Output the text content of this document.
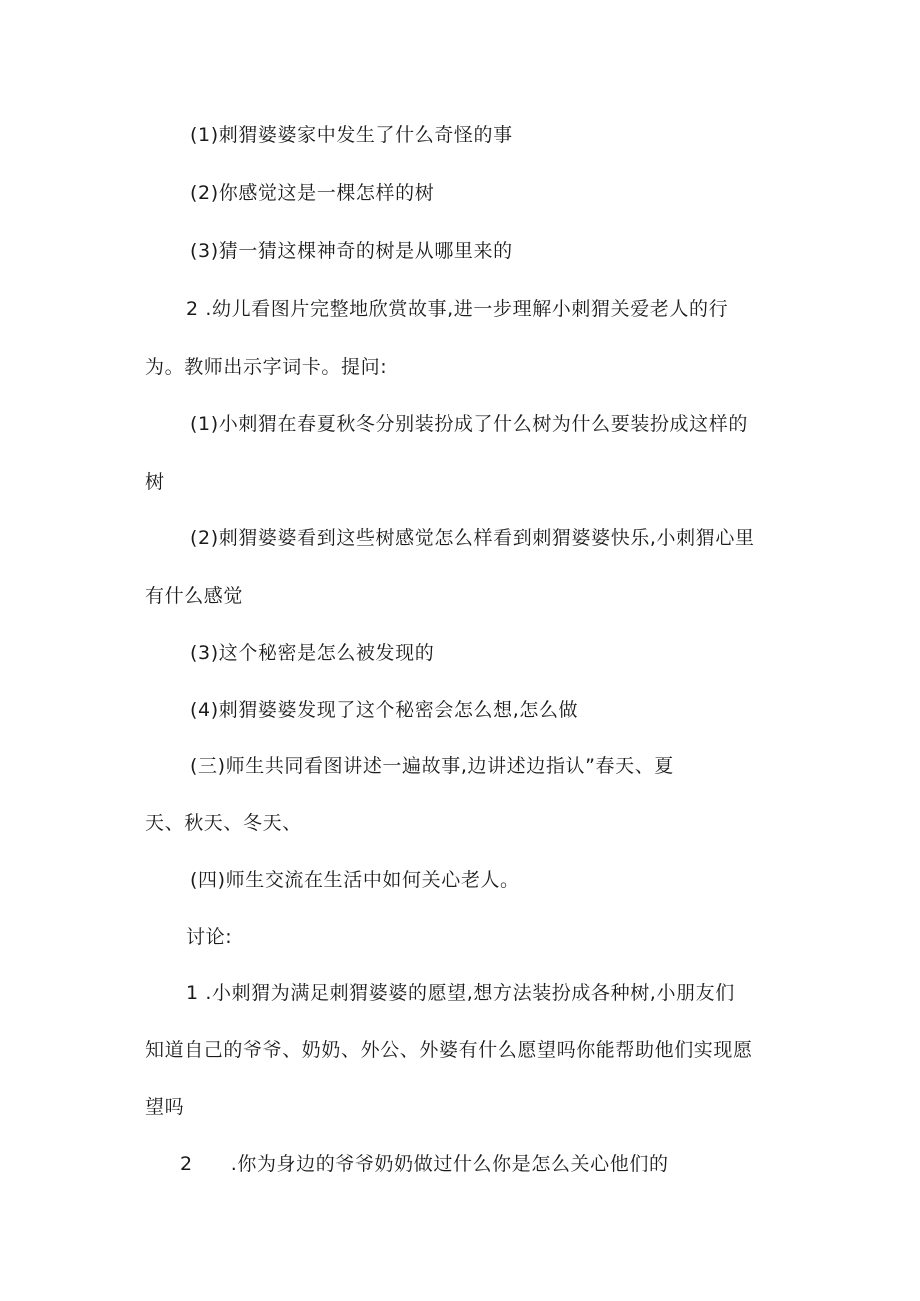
(1)刺猬婆婆家中发生了什么奇怪的事
(2)你感觉这是一棵怎样的树
(3)猜一猜这棵神奇的树是从哪里来的
2 .幼儿看图片完整地欣赏故事,进一步理解小刺猬关爱老人的行
为。教师出示字词卡。提问:
(1)小刺猬在春夏秋冬分别装扮成了什么树为什么要装扮成这样的
树
(2)刺猬婆婆看到这些树感觉怎么样看到刺猬婆婆快乐,小刺猬心里
有什么感觉
(3)这个秘密是怎么被发现的
(4)刺猬婆婆发现了这个秘密会怎么想,怎么做
(三)师生共同看图讲述一遍故事,边讲述边指认”春天、夏
天、秋天、冬天、
(四)师生交流在生活中如何关心老人。
讨论:
1 .小刺猬为满足刺猬婆婆的愿望,想方法装扮成各种树,小朋友们
知道自己的爷爷、奶奶、外公、外婆有什么愿望吗你能帮助他们实现愿
望吗
2 .你为身边的爷爷奶奶做过什么你是怎么关心他们的
